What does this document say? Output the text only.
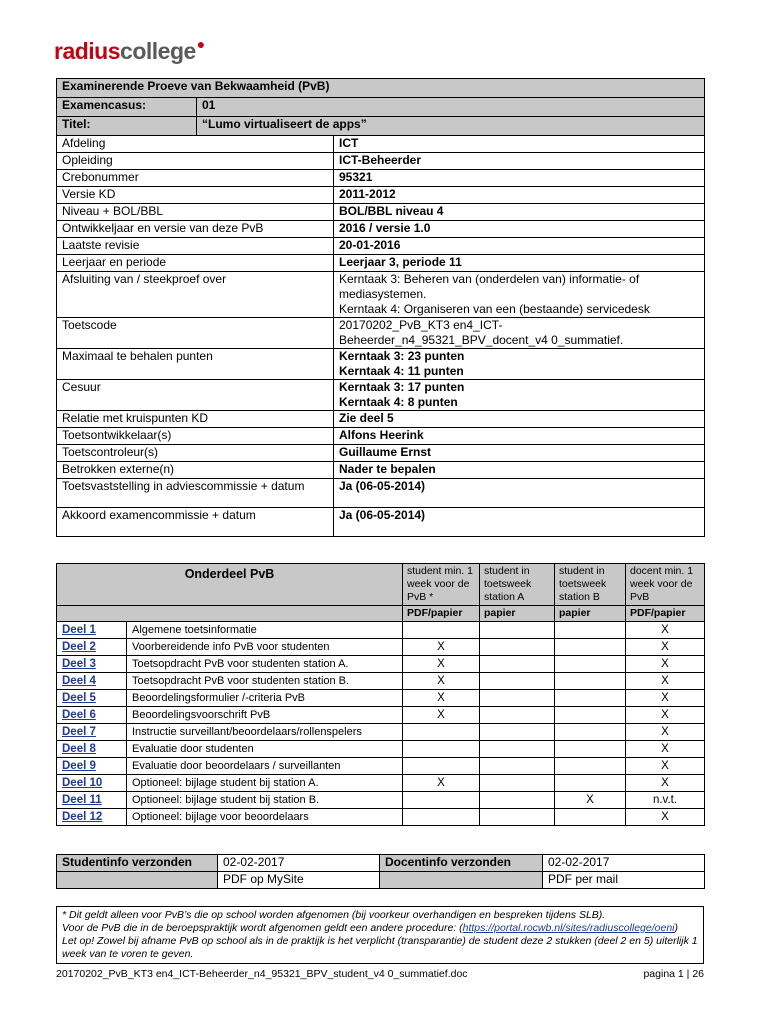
radiuscollege●
Examinerende Proeve van Bekwaamheid (PvB)		
Examencasus:	01	
Titel:	“Lumo virtualiseert de apps”	
Afdeling		ICT
Opleiding		ICT-Beheerder
Crebonummer		95321
Versie KD		2011-2012
Niveau + BOL/BBL		BOL/BBL niveau 4
Ontwikkeljaar en versie van deze PvB		2016 / versie 1.0
Laatste revisie		20-01-2016
Leerjaar en periode		Leerjaar 3, periode 11
Afsluiting van / steekproef over		Kerntaak 3: Beheren van (onderdelen van) informatie- of
mediasystemen.
Kerntaak 4: Organiseren van een (bestaande) servicedesk

Toetscode		20170202_PvB_KT3 en4_ICT-
Beheerder_n4_95321_BPV_docent_v4 0_summatief.

Maximaal te behalen punten		Kerntaak 3: 23 punten
Kerntaak 4: 11 punten

Cesuur		Kerntaak 3: 17 punten
Kerntaak 4: 8 punten

Relatie met kruispunten KD		Zie deel 5
Toetsontwikkelaar(s)		Alfons Heerink
Toetscontroleur(s)		Guillaume Ernst
Betrokken externe(n)		Nader te bepalen
Toetsvaststelling in adviescommissie + datum		Ja (06-05-2014)
Akkoord examencommissie + datum		Ja (06-05-2014)
Onderdeel PvB		student min. 1 week voor de PvB *	student in toetsweek station A	student in toetsweek station B	docent min. 1 week voor de PvB
		PDF/papier	papier	papier	PDF/papier
Deel 1	Algemene toetsinformatie				X
Deel 2	Voorbereidende info PvB voor studenten	X			X
Deel 3	Toetsopdracht PvB voor studenten station A.	X			X
Deel 4	Toetsopdracht PvB voor studenten station B.	X			X
Deel 5	Beoordelingsformulier /-criteria PvB	X			X
Deel 6	Beoordelingsvoorschrift PvB	X			X
Deel 7	Instructie surveillant/beoordelaars/rollenspelers				X
Deel 8	Evaluatie door studenten				X
Deel 9	Evaluatie door beoordelaars / surveillanten				X
Deel 10	Optioneel: bijlage student bij station A.	X			X
Deel 11	Optioneel: bijlage student bij station B.			X	n.v.t.
Deel 12	Optioneel: bijlage voor beoordelaars				X
Studentinfo verzonden	02-02-2017	Docentinfo verzonden	02-02-2017
	PDF op MySite		PDF per mail
* Dit geldt alleen voor PvB’s die op school worden afgenomen (bij voorkeur overhandigen en bespreken tijdens SLB).
Voor de PvB die in de beroepspraktijk wordt afgenomen geldt een andere procedure: (https://portal.rocwb.nl/sites/radiuscollege/oeni)
Let op! Zowel bij afname PvB op school als in de praktijk is het verplicht (transparantie) de student deze 2 stukken (deel 2 en 5) uiterlijk 1 week van te voren te geven.
20170202_PvB_KT3 en4_ICT-Beheerder_n4_95321_BPV_student_v4 0_summatief.doc	pagina 1 | 26
